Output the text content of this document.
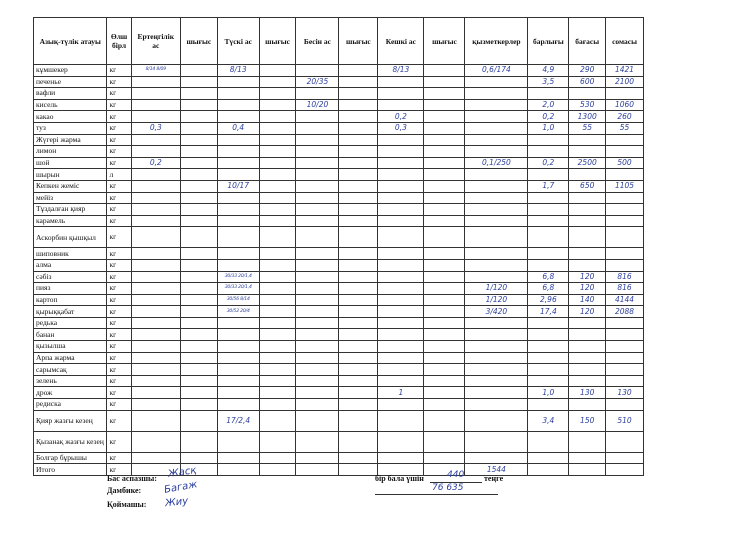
Азық-түлік атауы	Өлш бірл	Ертеңгілік ас	шығыс	Түскі ас	шығыс	Бесін ас	шығыс	Кешкі ас	шығыс	қызметкерлер	барлығы	бағасы	сомасы
кұмшекер	кг	8/14 8/09		8/13				8/13		0,6/174	4,9	290	1421
печенье	кг					20/35					3,5	600	2100
вафли	кг												
кисель	кг					10/20					2,0	530	1060
какао	кг							0,2			0,2	1300	260
туз	кг	0,3		0,4				0,3			1,0	55	55
Жүгері жарма	кг												
лимон	кг												
шой	кг	0,2								0,1/250	0,2	2500	500
шырын	л												
Кепкен жеміс	кг			10/17							1,7	650	1105
мейіз	кг												
Тұздалған қияр	кг												
карамель	кг												
Аскорбин қышқыл	кг												
шиповник	кг												
алма	кг												
сәбіз	кг			30/33 20/1,4							6,8	120	816
пияз	кг			30/33 20/1,4						1/120	6,8	120	816
картоп	кг			30/56 8/14						1/120	2,96	140	4144
қырыққабат	кг			30/52 20/4						3/420	17,4	120	2088
редька	кг												
банан	кг												
қызылша	кг												
Арпа жарма	кг												
сарымсақ	кг												
зелень	кг												
дрож	кг							1			1,0	130	130
редиска	кг												
Қияр жазғы кезең	кг			17/2,4							3,4	150	510
Қызанақ жазғы кезең	кг												
Болгар бұрышы	кг												
Итого	кг									1544			
Бас аспазшы: Жасқ
Дамбике: Багаж
Қоймашы: Жиу
бір бала үшін	440 теңге
76 635
